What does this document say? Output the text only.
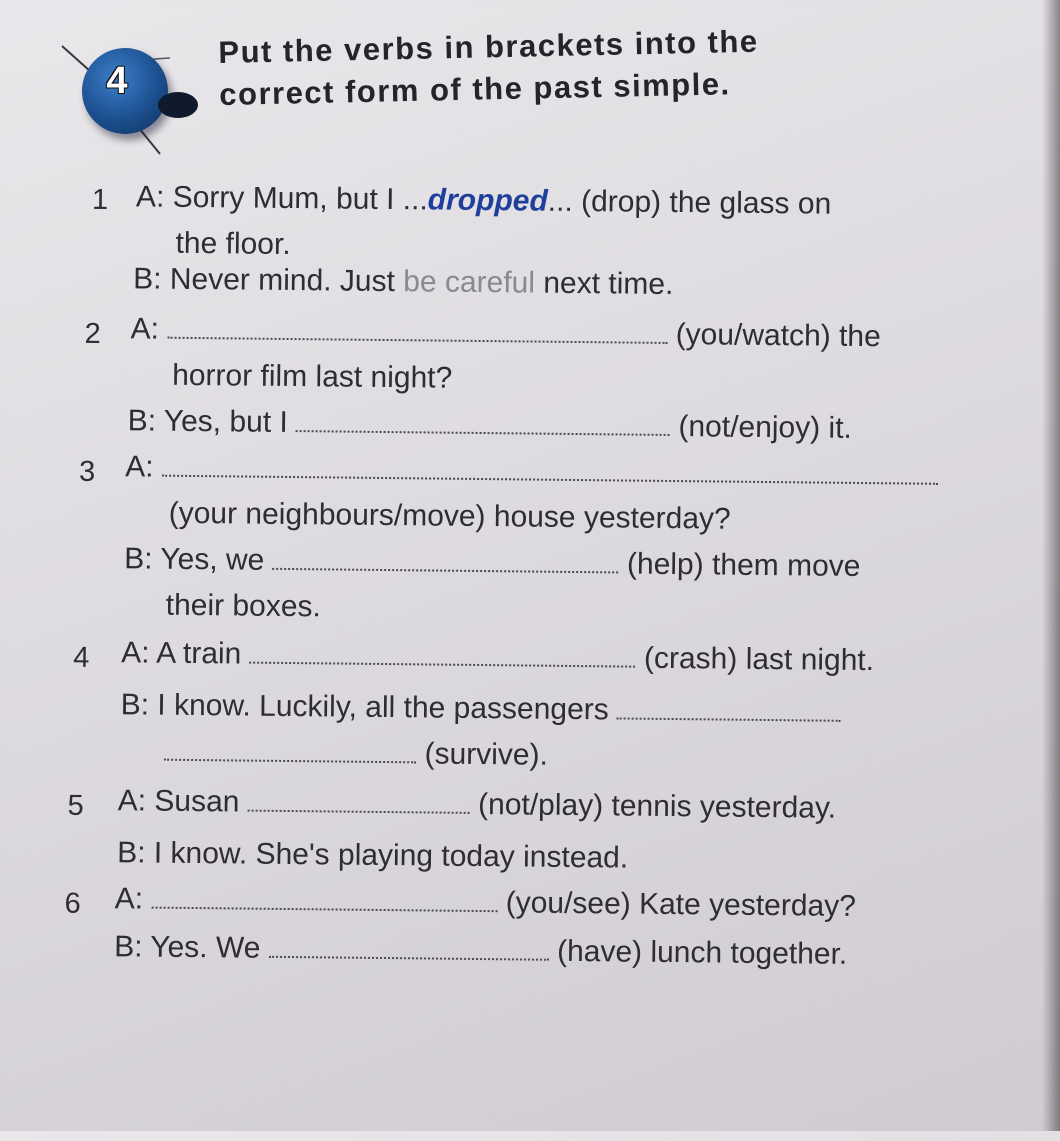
4
Put the verbs in brackets into the
correct form of the past simple.
1 A: Sorry Mum, but I ...dropped... (drop) the glass on
the floor.
B: Never mind. Just be careful next time.
2 A:	(you/watch) the
horror film last night?
B: Yes, but I	(not/enjoy) it.
3 A:
(your neighbours/move) house yesterday?
B: Yes, we	(help) them move
their boxes.
4 A: A train	(crash) last night.
B: I know. Luckily, all the passengers
(survive).
5 A: Susan	(not/play) tennis yesterday.
B: I know. She's playing today instead.
6 A:	(you/see) Kate yesterday?
B: Yes. We	(have) lunch together.
